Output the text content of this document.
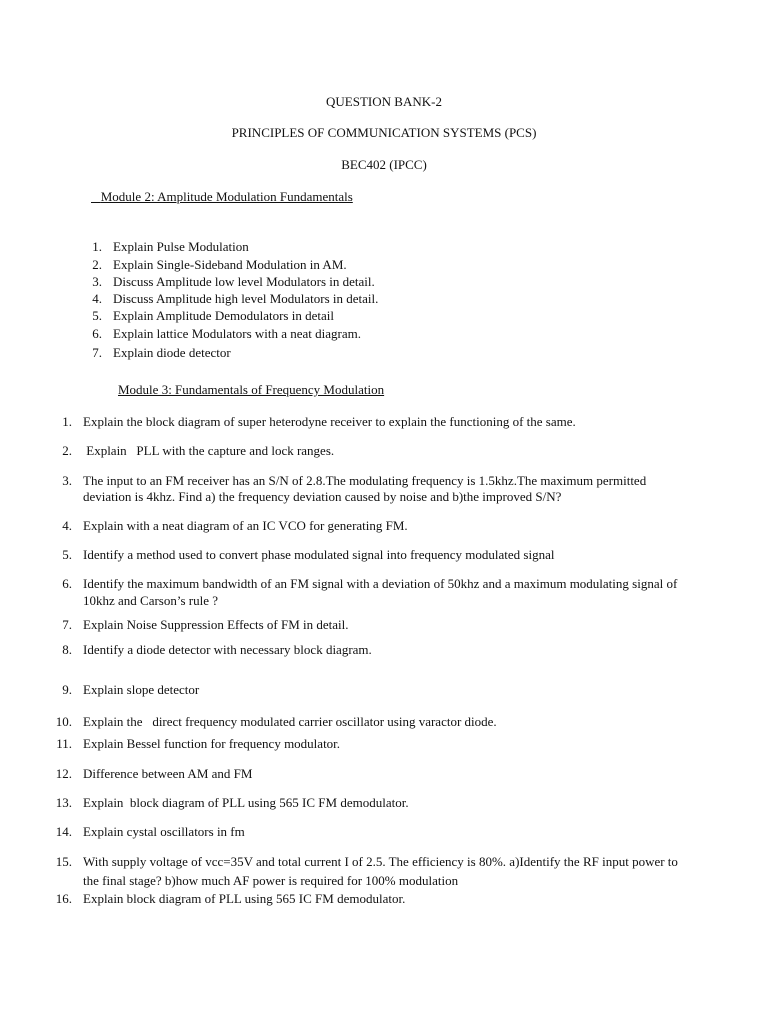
QUESTION BANK-2
PRINCIPLES OF COMMUNICATION SYSTEMS (PCS)
BEC402 (IPCC)
Module 2: Amplitude Modulation Fundamentals
1. Explain Pulse Modulation
2. Explain Single-Sideband Modulation in AM.
3. Discuss Amplitude low level Modulators in detail.
4. Discuss Amplitude high level Modulators in detail.
5. Explain Amplitude Demodulators in detail
6. Explain lattice Modulators with a neat diagram.
7. Explain diode detector
Module 3: Fundamentals of Frequency Modulation
1. Explain the block diagram of super heterodyne receiver to explain the functioning of the same.
2. Explain   PLL with the capture and lock ranges.
3. The input to an FM receiver has an S/N of 2.8.The modulating frequency is 1.5khz.The maximum permitted
deviation is 4khz. Find a) the frequency deviation caused by noise and b)the improved S/N?
4. Explain with a neat diagram of an IC VCO for generating FM.
5. Identify a method used to convert phase modulated signal into frequency modulated signal
6. Identify the maximum bandwidth of an FM signal with a deviation of 50khz and a maximum modulating signal of
10khz and Carson’s rule ?
7. Explain Noise Suppression Effects of FM in detail.
8. Identify a diode detector with necessary block diagram.
9. Explain slope detector
10. Explain the   direct frequency modulated carrier oscillator using varactor diode.
11. Explain Bessel function for frequency modulator.
12. Difference between AM and FM
13. Explain  block diagram of PLL using 565 IC FM demodulator.
14. Explain cystal oscillators in fm
15. With supply voltage of vcc=35V and total current I of 2.5. The efficiency is 80%. a)Identify the RF input power to
the final stage? b)how much AF power is required for 100% modulation
16. Explain block diagram of PLL using 565 IC FM demodulator.
